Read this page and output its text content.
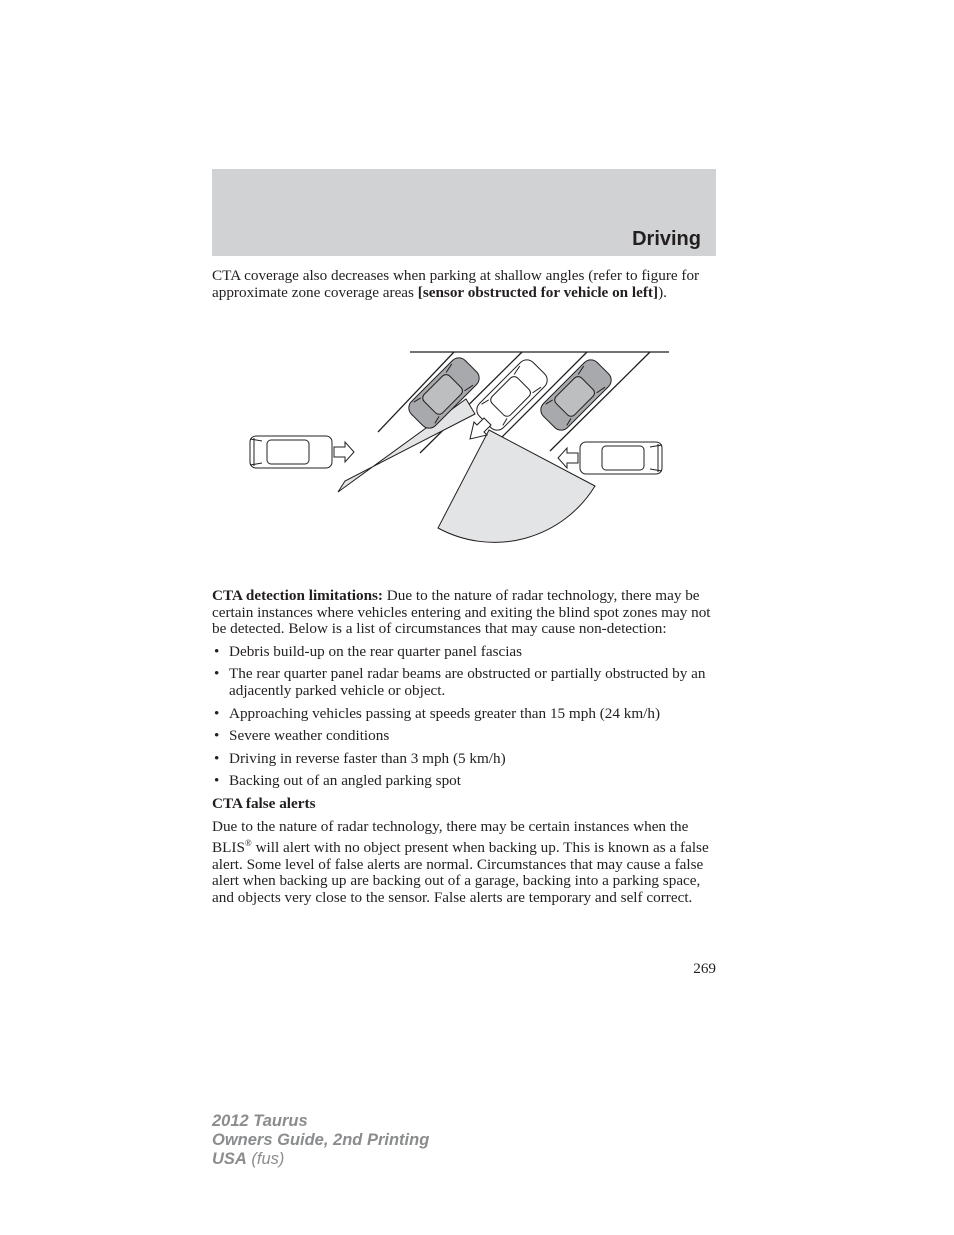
Driving
CTA coverage also decreases when parking at shallow angles (refer to figure for approximate zone coverage areas [sensor obstructed for vehicle on left]).

CTA detection limitations: Due to the nature of radar technology, there may be certain instances where vehicles entering and exiting the blind spot zones may not be detected. Below is a list of circumstances that may cause non-detection:

• Debris build-up on the rear quarter panel fascias
• The rear quarter panel radar beams are obstructed or partially obstructed by an adjacently parked vehicle or object.
• Approaching vehicles passing at speeds greater than 15 mph (24 km/h)
• Severe weather conditions
• Driving in reverse faster than 3 mph (5 km/h)
• Backing out of an angled parking spot

CTA false alerts

Due to the nature of radar technology, there may be certain instances when the BLIS® will alert with no object present when backing up. This is known as a false alert. Some level of false alerts are normal. Circumstances that may cause a false alert when backing up are backing out of a garage, backing into a parking space, and objects very close to the sensor. False alerts are temporary and self correct.

269
2012 Taurus
Owners Guide, 2nd Printing
USA (fus)
